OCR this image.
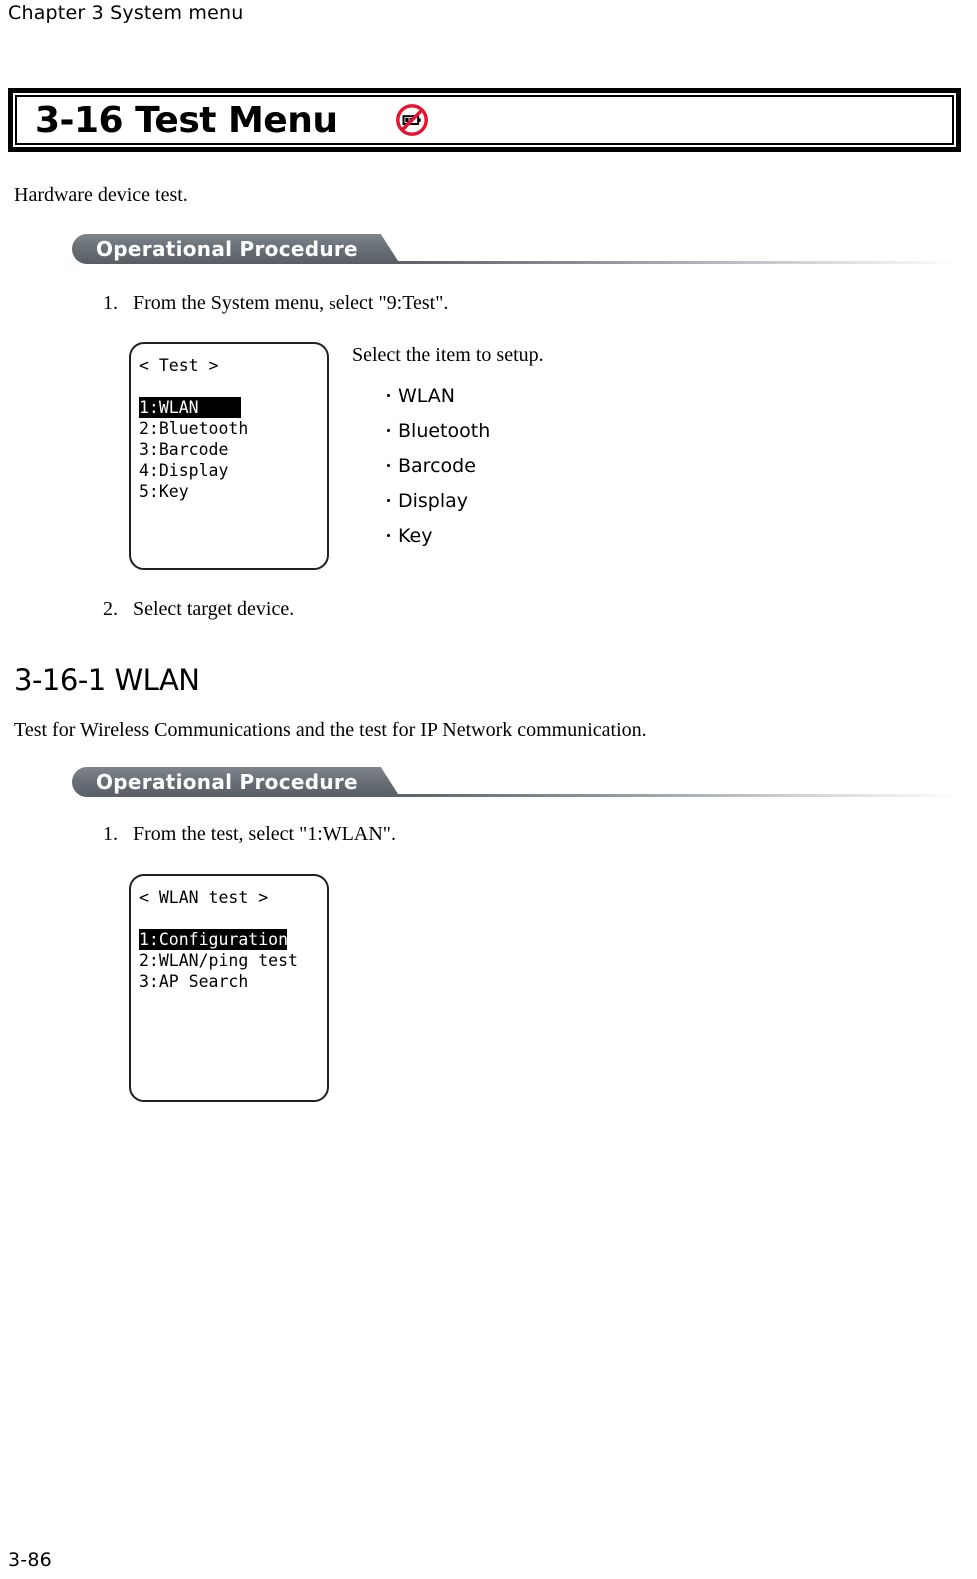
Chapter 3 System menu
3-16 Test Menu
Hardware device test.
Operational Procedure
1. From the System menu, select "9:Test".
< Test >
1:WLAN
2:Bluetooth
3:Barcode
4:Display
5:Key

Select the item to setup.

・WLAN
・Bluetooth
・Barcode
・Display
・Key
2. Select target device.
3-16-1 WLAN
Test for Wireless Communications and the test for IP Network communication.
Operational Procedure
1. From the test, select "1:WLAN".
< WLAN test >
1:Configuration
2:WLAN/ping test
3:AP Search
3-86
